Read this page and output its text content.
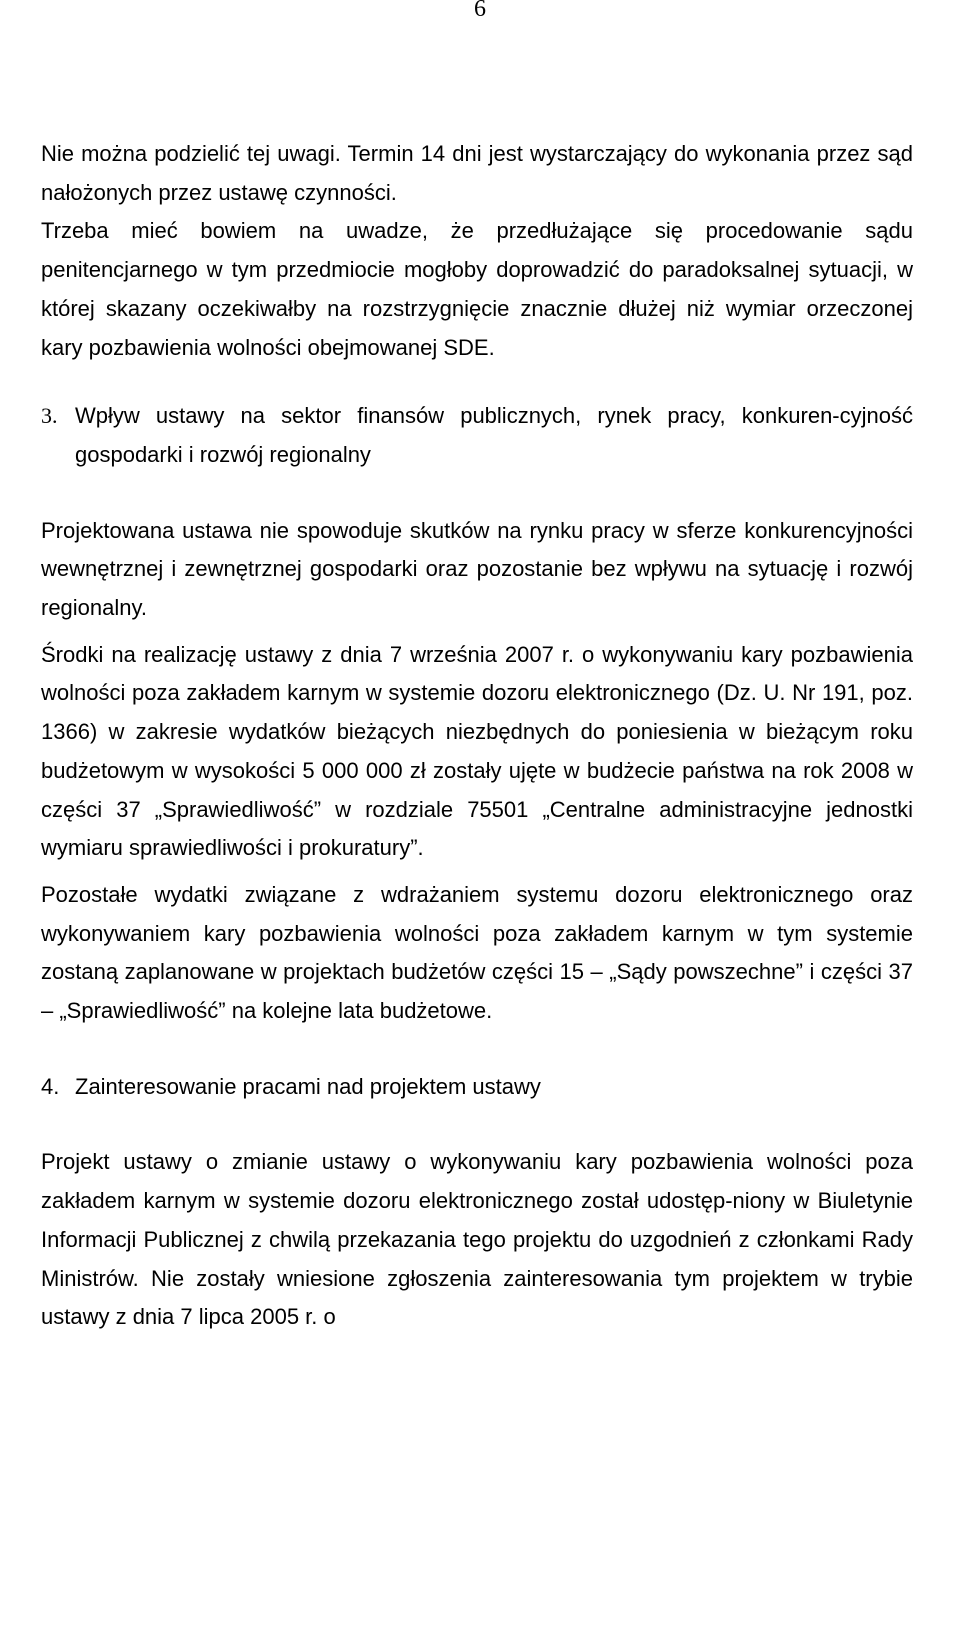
6

Nie można podzielić tej uwagi. Termin 14 dni jest wystarczający do wykonania przez sąd nałożonych przez ustawę czynności.

Trzeba mieć bowiem na uwadze, że przedłużające się procedowanie sądu penitencjarnego w tym przedmiocie mogłoby doprowadzić do paradoksalnej sytuacji, w której skazany oczekiwałby na rozstrzygnięcie znacznie dłużej niż wymiar orzeczonej kary pozbawienia wolności obejmowanej SDE.

3. Wpływ ustawy na sektor finansów publicznych, rynek pracy, konkuren-cyjność gospodarki i rozwój regionalny

Projektowana ustawa nie spowoduje skutków na rynku pracy w sferze konkurencyjności wewnętrznej i zewnętrznej gospodarki oraz pozostanie bez wpływu na sytuację i rozwój regionalny.

Środki na realizację ustawy z dnia 7 września 2007 r. o wykonywaniu kary pozbawienia wolności poza zakładem karnym w systemie dozoru elektronicznego (Dz. U. Nr 191, poz. 1366) w zakresie wydatków bieżących niezbędnych do poniesienia w bieżącym roku budżetowym w wysokości 5 000 000 zł zostały ujęte w budżecie państwa na rok 2008 w części 37 „Sprawiedliwość” w rozdziale 75501 „Centralne administracyjne jednostki wymiaru sprawiedliwości i prokuratury”.

Pozostałe wydatki związane z wdrażaniem systemu dozoru elektronicznego oraz wykonywaniem kary pozbawienia wolności poza zakładem karnym w tym systemie zostaną zaplanowane w projektach budżetów części 15 – „Sądy powszechne” i części 37 – „Sprawiedliwość” na kolejne lata budżetowe.

4. Zainteresowanie pracami nad projektem ustawy

Projekt ustawy o zmianie ustawy o wykonywaniu kary pozbawienia wolności poza zakładem karnym w systemie dozoru elektronicznego został udostęp-niony w Biuletynie Informacji Publicznej z chwilą przekazania tego projektu do uzgodnień z członkami Rady Ministrów. Nie zostały wniesione zgłoszenia zainteresowania tym projektem w trybie ustawy z dnia 7 lipca 2005 r. o
